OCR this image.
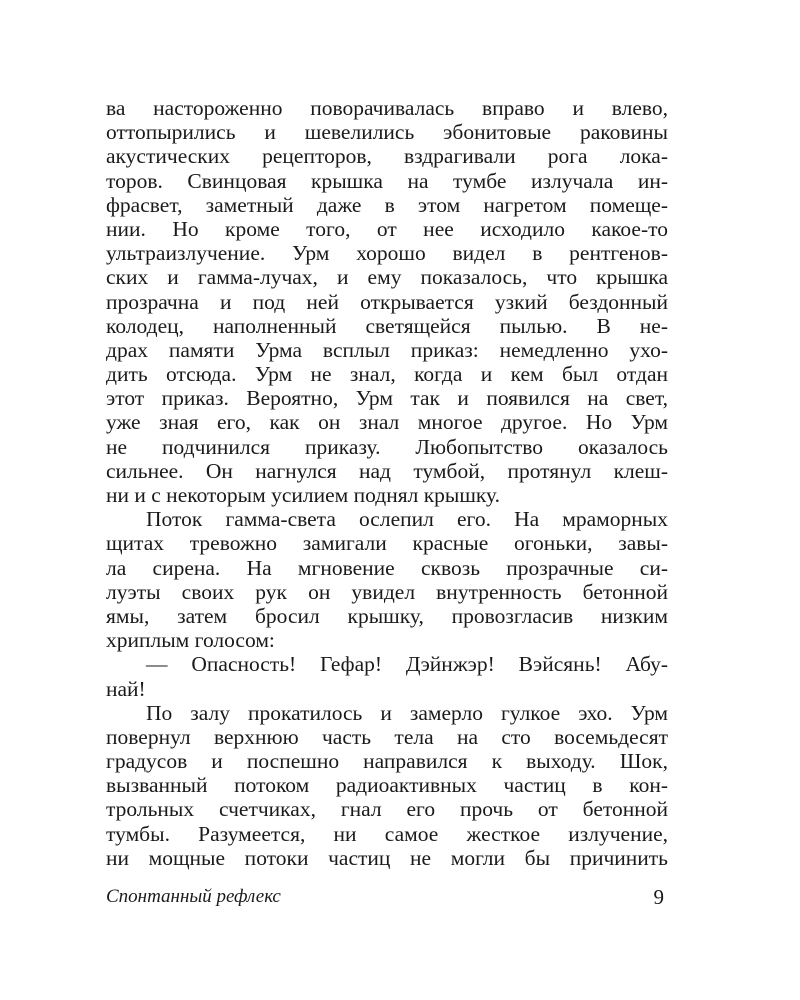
ва настороженно поворачивалась вправо и влево,
оттопырились и шевелились эбонитовые раковины
акустических рецепторов, вздрагивали рога лока-
торов. Свинцовая крышка на тумбе излучала ин-
фрасвет, заметный даже в этом нагретом помеще-
нии. Но кроме того, от нее исходило какое-то
ультраизлучение. Урм хорошо видел в рентгенов-
ских и гамма-лучах, и ему показалось, что крышка
прозрачна и под ней открывается узкий бездонный
колодец, наполненный светящейся пылью. В не-
драх памяти Урма всплыл приказ: немедленно ухо-
дить отсюда. Урм не знал, когда и кем был отдан
этот приказ. Вероятно, Урм так и появился на свет,
уже зная его, как он знал многое другое. Но Урм
не подчинился приказу. Любопытство оказалось
сильнее. Он нагнулся над тумбой, протянул клеш-
ни и с некоторым усилием поднял крышку.
Поток гамма-света ослепил его. На мраморных
щитах тревожно замигали красные огоньки, завы-
ла сирена. На мгновение сквозь прозрачные си-
луэты своих рук он увидел внутренность бетонной
ямы, затем бросил крышку, провозгласив низким
хриплым голосом:
— Опасность! Гефар! Дэйнжэр! Вэйсянь! Абу-
най!
По залу прокатилось и замерло гулкое эхо. Урм
повернул верхнюю часть тела на сто восемьдесят
градусов и поспешно направился к выходу. Шок,
вызванный потоком радиоактивных частиц в кон-
трольных счетчиках, гнал его прочь от бетонной
тумбы. Разумеется, ни самое жесткое излучение,
ни мощные потоки частиц не могли бы причинить
Спонтанный рефлекс	9
